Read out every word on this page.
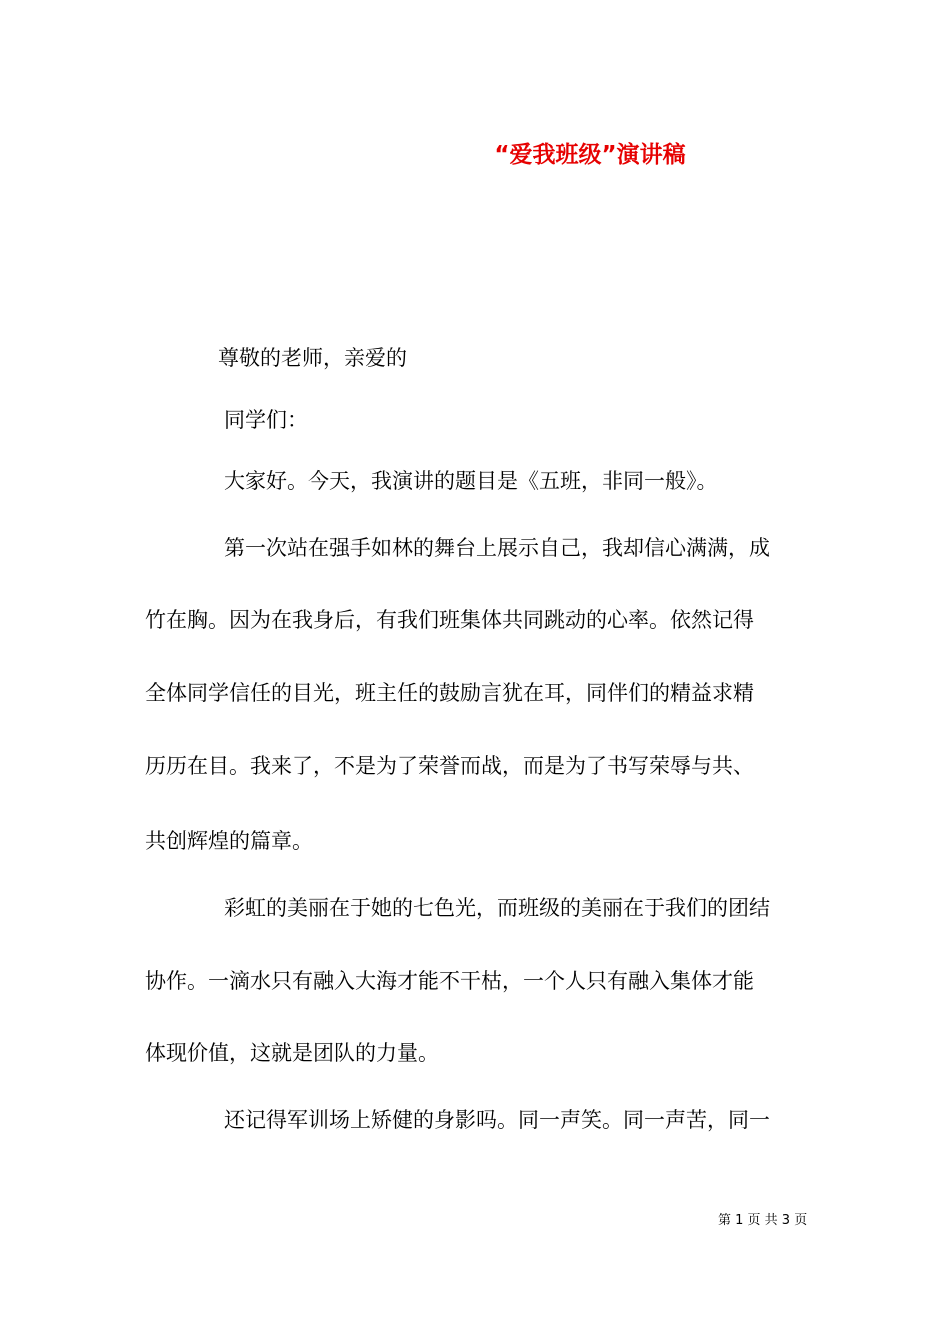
“爱我班级”演讲稿
尊敬的老师，亲爱的
同学们：
大家好。今天，我演讲的题目是《五班，非同一般》。
第一次站在强手如林的舞台上展示自己，我却信心满满，成
竹在胸。因为在我身后，有我们班集体共同跳动的心率。依然记得
全体同学信任的目光，班主任的鼓励言犹在耳，同伴们的精益求精
历历在目。我来了，不是为了荣誉而战，而是为了书写荣辱与共、
共创辉煌的篇章。
彩虹的美丽在于她的七色光，而班级的美丽在于我们的团结
协作。一滴水只有融入大海才能不干枯，一个人只有融入集体才能
体现价值，这就是团队的力量。
还记得军训场上矫健的身影吗。同一声笑。同一声苦，同一
第 1 页 共 3 页
